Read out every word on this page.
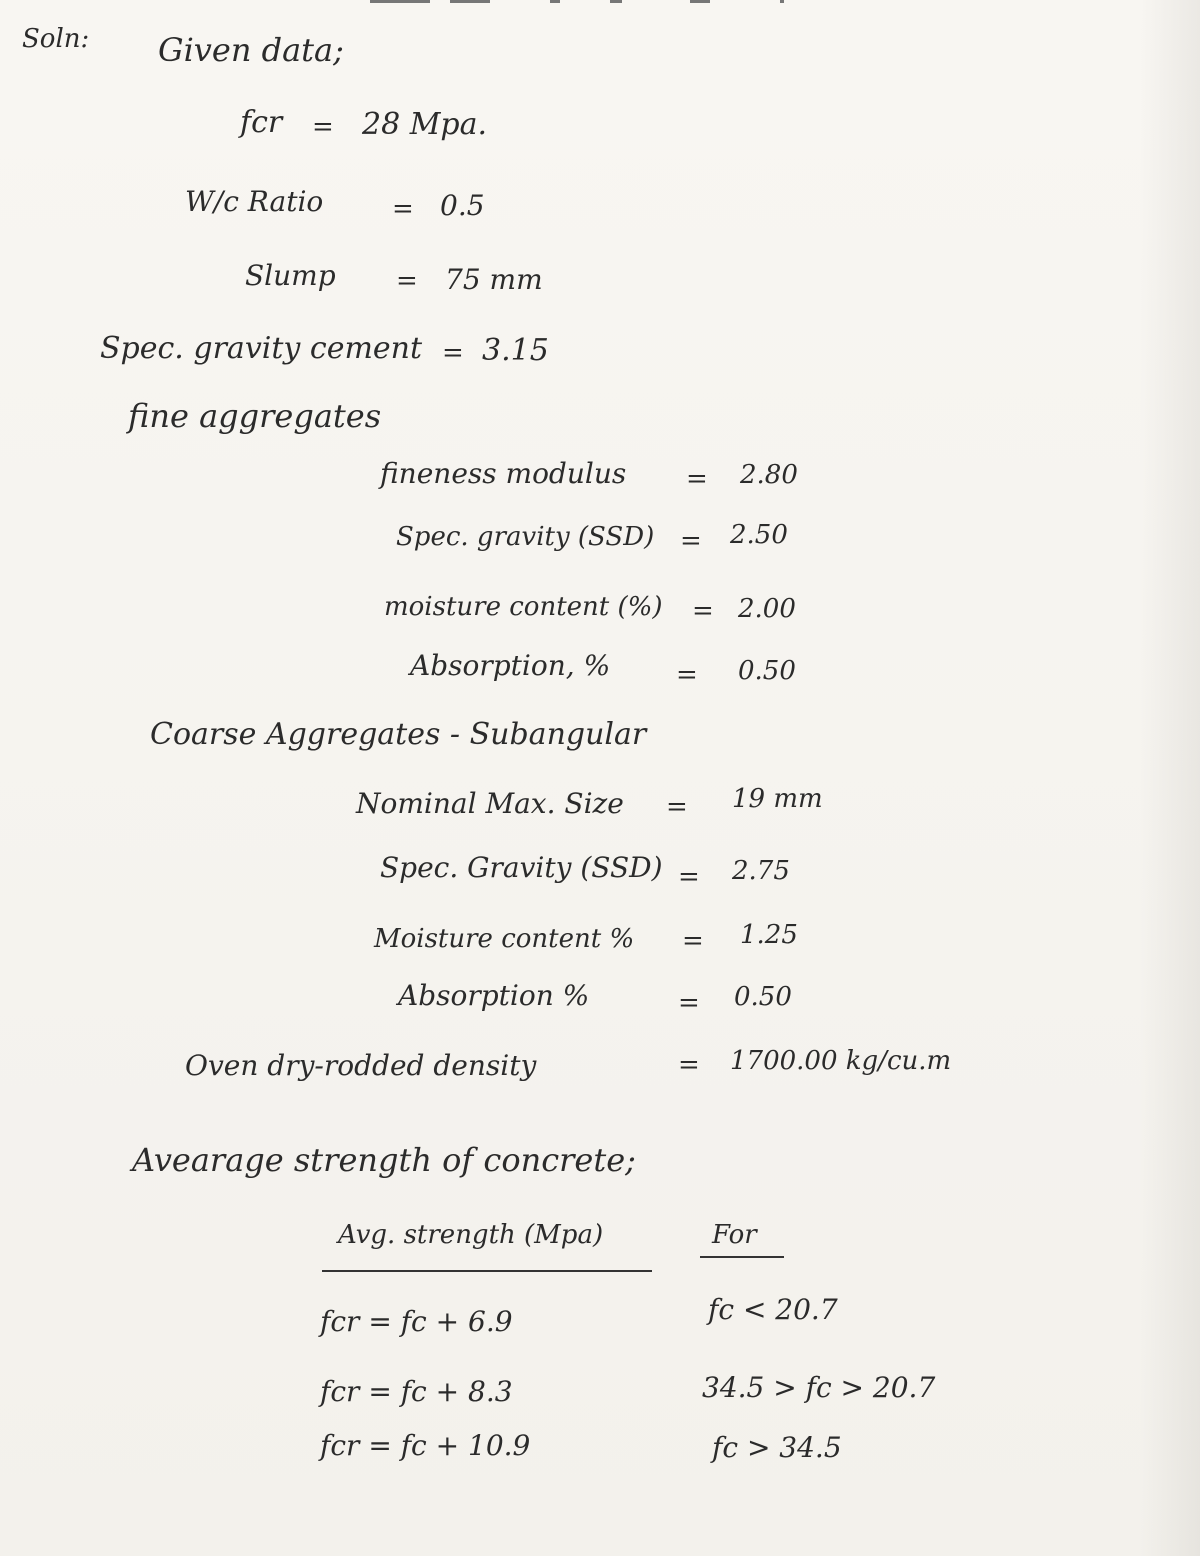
Soln: Given data;
fcr = 28 Mpa.
W/c Ratio	= 0.5
Slump = 75 mm
Spec. gravity cement = 3.15
fine aggregates
fineness modulus = 2.80
Spec. gravity (SSD) = 2.50
moisture content (%) = 2.00
Absorption, %	= 0.50
Coarse Aggregates - Subangular
Nominal Max. Size = 19 mm
Spec. Gravity (SSD) = 2.75
Moisture content % = 1.25
Absorption %	= 0.50
Oven dry-rodded density	= 1700.00 kg/cu.m
Avearage strength of concrete;
Avg. strength (Mpa)	For
fcr = fc + 6.9	fc < 20.7
fcr = fc + 8.3	34.5 > fc > 20.7
fcr = fc + 10.9	fc > 34.5
